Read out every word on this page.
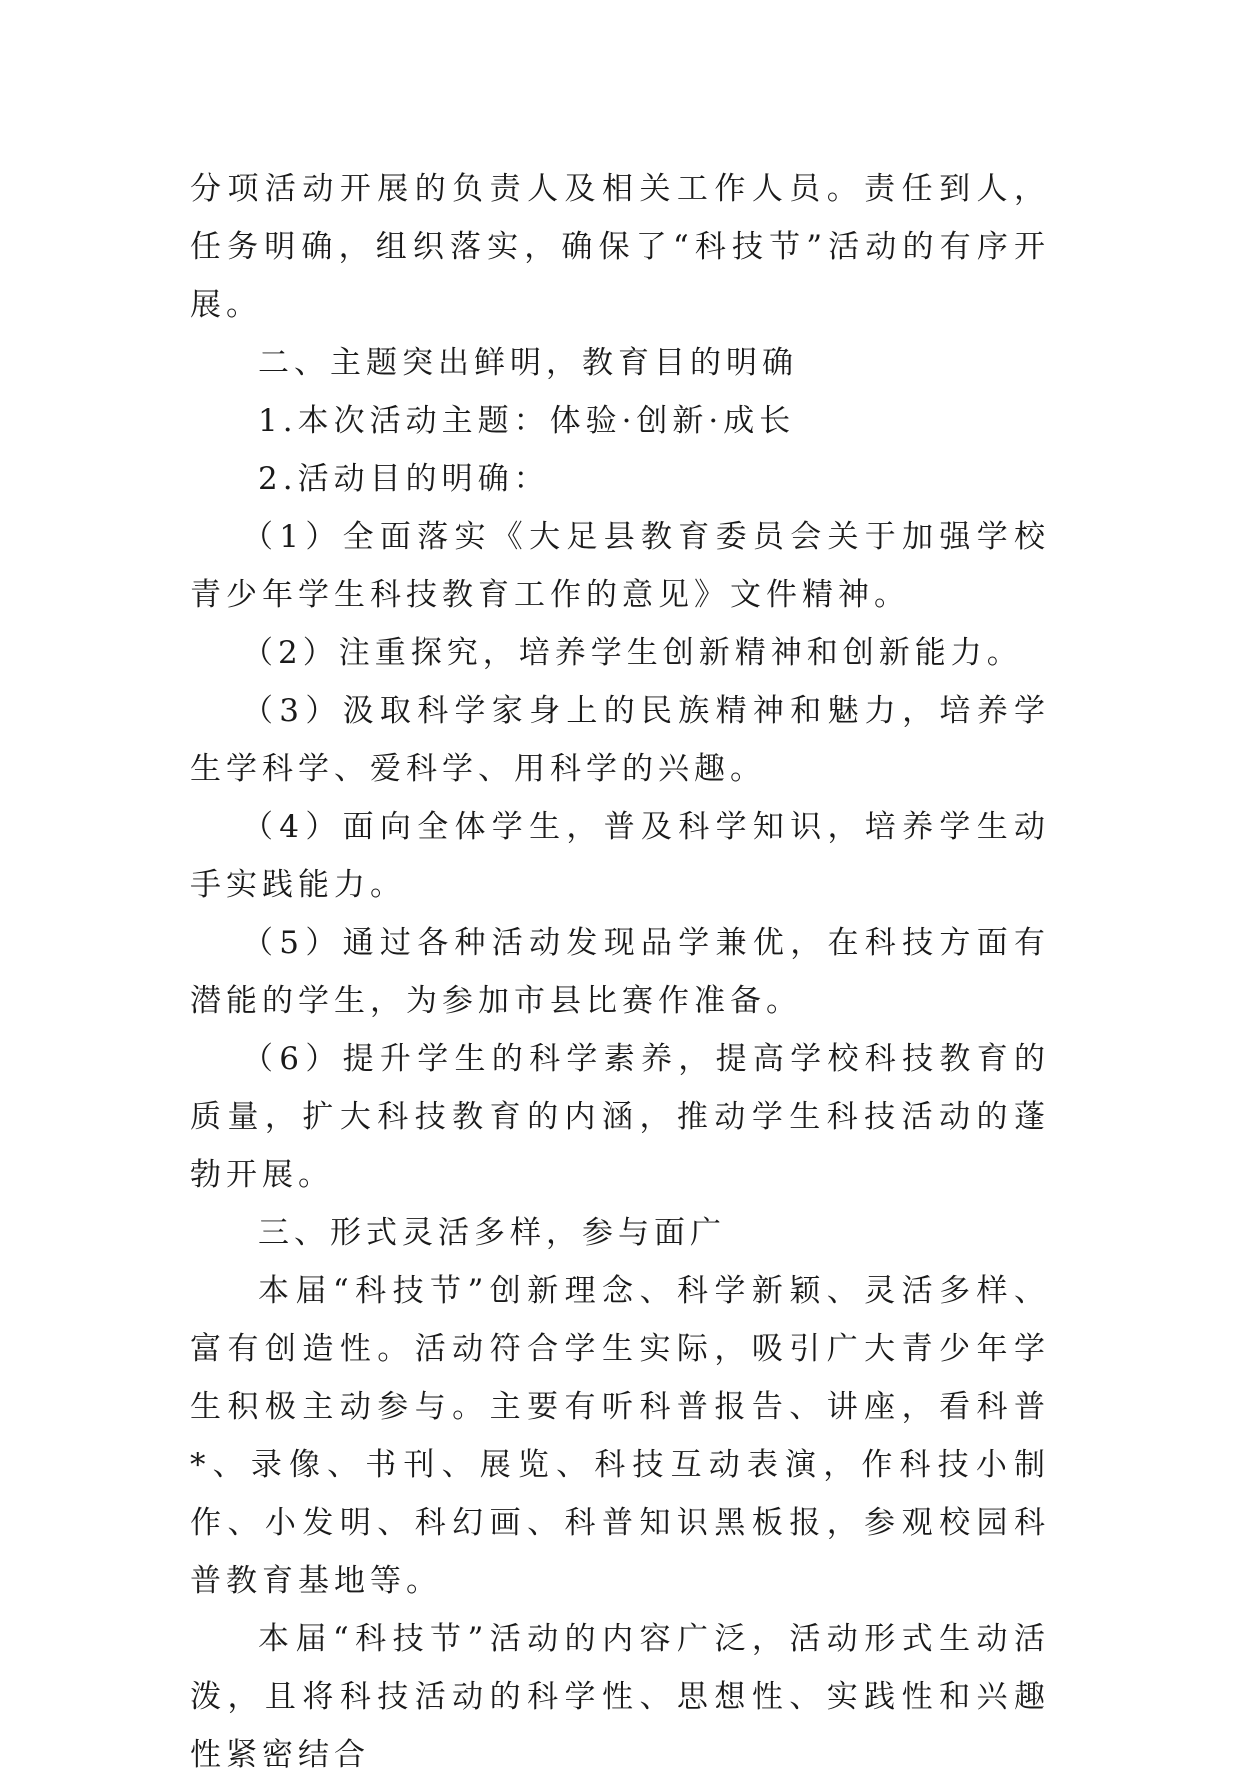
分项活动开展的负责人及相关工作人员。责任到人，任务明确，组织落实，确保了“科技节”活动的有序开展。

二、主题突出鲜明，教育目的明确

1.本次活动主题：体验·创新·成长

2.活动目的明确：

（1）全面落实《大足县教育委员会关于加强学校青少年学生科技教育工作的意见》文件精神。

（2）注重探究，培养学生创新精神和创新能力。

（3）汲取科学家身上的民族精神和魅力，培养学生学科学、爱科学、用科学的兴趣。

（4）面向全体学生，普及科学知识，培养学生动手实践能力。

（5）通过各种活动发现品学兼优，在科技方面有潜能的学生，为参加市县比赛作准备。

（6）提升学生的科学素养，提高学校科技教育的质量，扩大科技教育的内涵，推动学生科技活动的蓬勃开展。

三、形式灵活多样，参与面广

本届“科技节”创新理念、科学新颖、灵活多样、富有创造性。活动符合学生实际，吸引广大青少年学生积极主动参与。主要有听科普报告、讲座，看科普*、录像、书刊、展览、科技互动表演，作科技小制作、小发明、科幻画、科普知识黑板报，参观校园科普教育基地等。

本届“科技节”活动的内容广泛，活动形式生动活泼，且将科技活动的科学性、思想性、实践性和兴趣性紧密结合
